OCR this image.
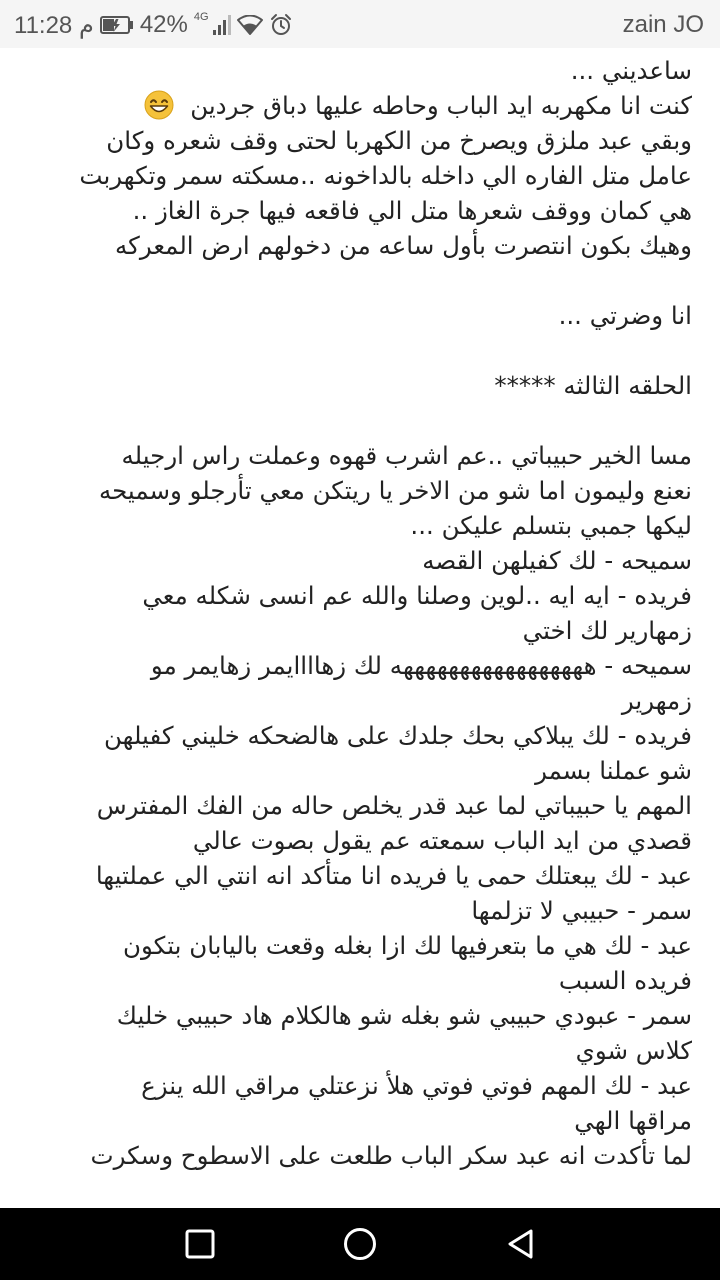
11:28 م 42% 4G	zain JO
ساعديني ...
كنت انا مكهربه ايد الباب وحاطه عليها دباق جردين
وبقي عبد ملزق ويصرخ من الكهربا لحتى وقف شعره وكان
عامل متل الفاره الي داخله بالداخونه ..مسكته سمر وتكهربت
هي كمان ووقف شعرها متل الي فاقعه فيها جرة الغاز ..
وهيك بكون انتصرت بأول ساعه من دخولهم ارض المعركه
انا وضرتي ...
الحلقه الثالثه *****
مسا الخير حبيباتي ..عم اشرب قهوه وعملت راس ارجيله
نعنع وليمون اما شو من الاخر يا ريتكن معي تأرجلو وسميحه
ليكها جمبي بتسلم عليكن ...
سميحه - لك كفيلهن القصه
فريده - ايه ايه ..لوين وصلنا والله عم انسى شكله معي
زمهارير لك اختي
سميحه - هههههههههههههههههه لك زهاااايمر زهايمر مو
زمهرير
فريده - لك يبلاكي بحك جلدك على هالضحكه خليني كفيلهن
شو عملنا بسمر
المهم يا حبيباتي لما عبد قدر يخلص حاله من الفك المفترس
قصدي من ايد الباب سمعته عم يقول بصوت عالي
عبد - لك يبعتلك حمى يا فريده انا متأكد انه انتي الي عملتيها
سمر - حبيبي لا تزلمها
عبد - لك هي ما بتعرفيها لك ازا بغله وقعت باليابان بتكون
فريده السبب
سمر - عبودي حبيبي شو بغله شو هالكلام هاد حبيبي خليك
كلاس شوي
عبد - لك المهم فوتي فوتي هلأ نزعتلي مراقي الله ينزع
مراقها الهي
لما تأكدت انه عبد سكر الباب طلعت على الاسطوح وسكرت
